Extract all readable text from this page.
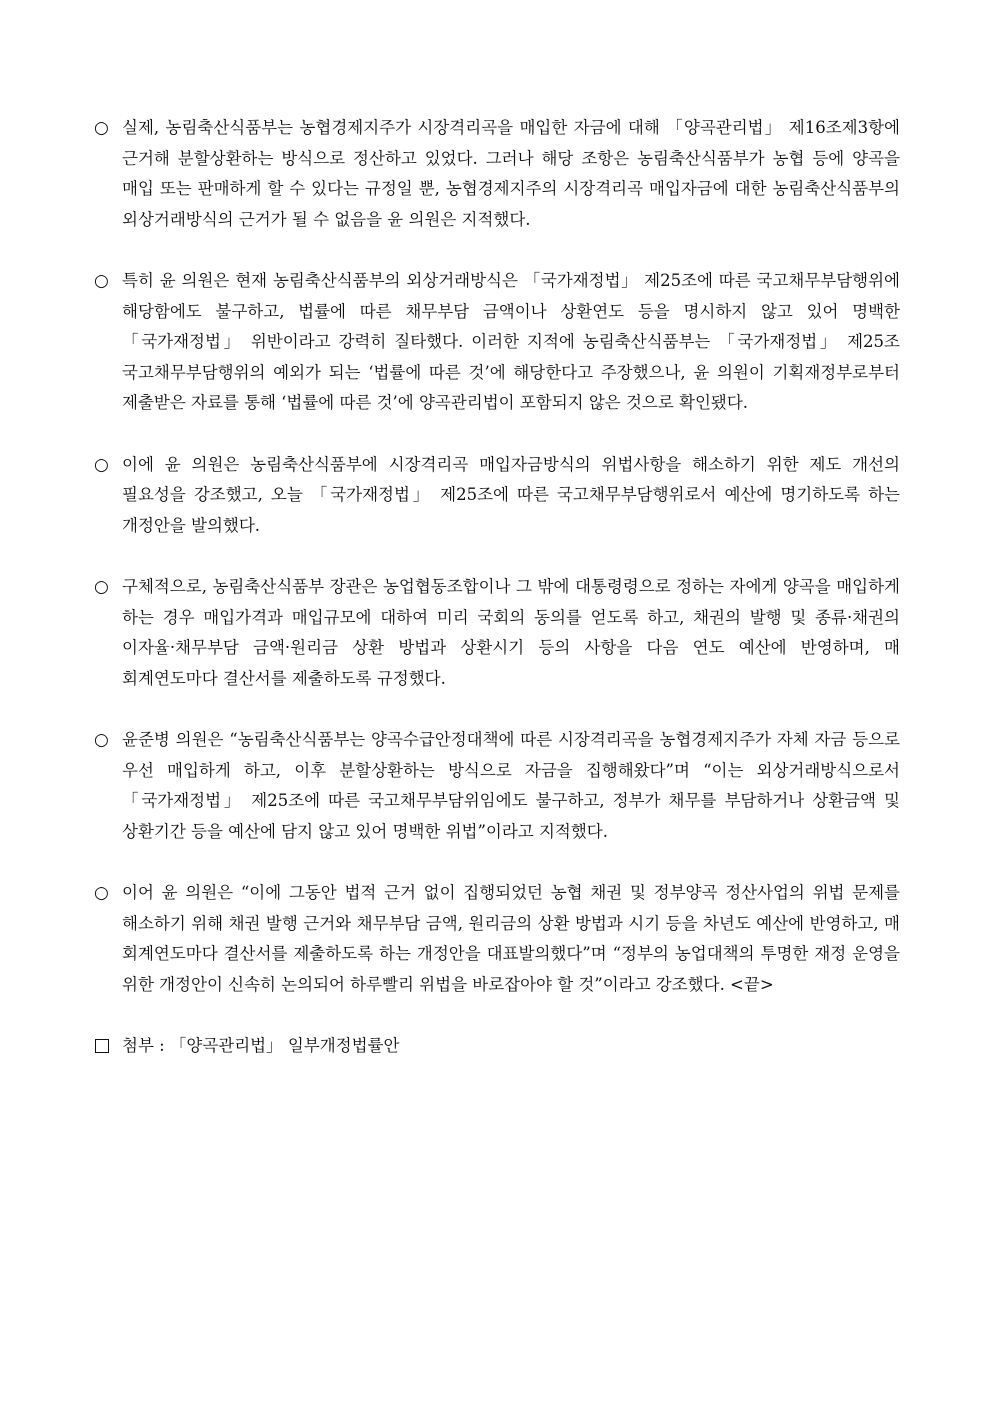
○ 실제, 농림축산식품부는 농협경제지주가 시장격리곡을 매입한 자금에 대해 「양곡관리법」 제16조제3항에 근거해 분할상환하는 방식으로 정산하고 있었다. 그러나 해당 조항은 농림축산식품부가 농협 등에 양곡을 매입 또는 판매하게 할 수 있다는 규정일 뿐, 농협경제지주의 시장격리곡 매입자금에 대한 농림축산식품부의 외상거래방식의 근거가 될 수 없음을 윤 의원은 지적했다.
○ 특히 윤 의원은 현재 농림축산식품부의 외상거래방식은 「국가재정법」 제25조에 따른 국고채무부담행위에 해당함에도 불구하고, 법률에 따른 채무부담 금액이나 상환연도 등을 명시하지 않고 있어 명백한 「국가재정법」 위반이라고 강력히 질타했다. 이러한 지적에 농림축산식품부는 「국가재정법」 제25조 국고채무부담행위의 예외가 되는 ‘법률에 따른 것’에 해당한다고 주장했으나, 윤 의원이 기획재정부로부터 제출받은 자료를 통해 ‘법률에 따른 것’에 양곡관리법이 포함되지 않은 것으로 확인됐다.
○ 이에 윤 의원은 농림축산식품부에 시장격리곡 매입자금방식의 위법사항을 해소하기 위한 제도 개선의 필요성을 강조했고, 오늘 「국가재정법」 제25조에 따른 국고채무부담행위로서 예산에 명기하도록 하는 개정안을 발의했다.
○ 구체적으로, 농림축산식품부 장관은 농업협동조합이나 그 밖에 대통령령으로 정하는 자에게 양곡을 매입하게 하는 경우 매입가격과 매입규모에 대하여 미리 국회의 동의를 얻도록 하고, 채권의 발행 및 종류·채권의 이자율·채무부담 금액·원리금 상환 방법과 상환시기 등의 사항을 다음 연도 예산에 반영하며, 매 회계연도마다 결산서를 제출하도록 규정했다.
○ 윤준병 의원은 “농림축산식품부는 양곡수급안정대책에 따른 시장격리곡을 농협경제지주가 자체 자금 등으로 우선 매입하게 하고, 이후 분할상환하는 방식으로 자금을 집행해왔다”며 “이는 외상거래방식으로서 「국가재정법」 제25조에 따른 국고채무부담위임에도 불구하고, 정부가 채무를 부담하거나 상환금액 및 상환기간 등을 예산에 담지 않고 있어 명백한 위법”이라고 지적했다.
○ 이어 윤 의원은 “이에 그동안 법적 근거 없이 집행되었던 농협 채권 및 정부양곡 정산사업의 위법 문제를 해소하기 위해 채권 발행 근거와 채무부담 금액, 원리금의 상환 방법과 시기 등을 차년도 예산에 반영하고, 매 회계연도마다 결산서를 제출하도록 하는 개정안을 대표발의했다”며 “정부의 농업대책의 투명한 재정 운영을 위한 개정안이 신속히 논의되어 하루빨리 위법을 바로잡아야 할 것”이라고 강조했다. <끝>
첨부 : 「양곡관리법」 일부개정법률안
